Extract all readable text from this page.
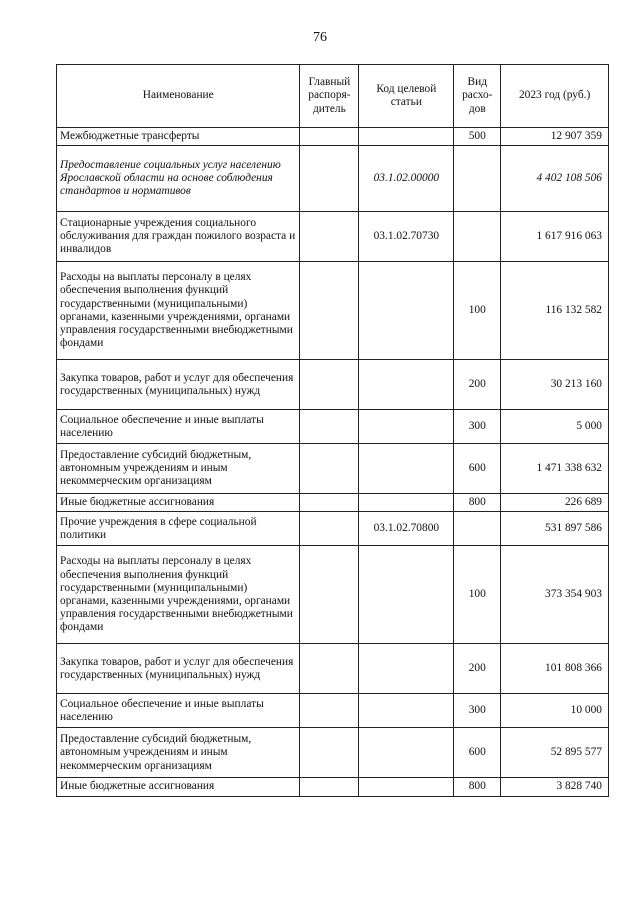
76
Наименование	Главный распоря-дитель	Код целевой статьи	Вид расхо-дов	2023 год (руб.)
Межбюджетные трансферты			500	12 907 359
Предоставление социальных услуг населению Ярославской области на основе соблюдения стандартов и нормативов		03.1.02.00000		4 402 108 506
Стационарные учреждения социального обслуживания для граждан пожилого возраста и инвалидов		03.1.02.70730		1 617 916 063
Расходы на выплаты персоналу в целях обеспечения выполнения функций государственными (муниципальными) органами, казенными учреждениями, органами управления государственными внебюджетными фондами			100	116 132 582
Закупка товаров, работ и услуг для обеспечения государственных (муниципальных) нужд			200	30 213 160
Социальное обеспечение и иные выплаты населению			300	5 000
Предоставление субсидий бюджетным, автономным учреждениям и иным некоммерческим организациям			600	1 471 338 632
Иные бюджетные ассигнования			800	226 689
Прочие учреждения в сфере социальной политики		03.1.02.70800		531 897 586
Расходы на выплаты персоналу в целях обеспечения выполнения функций государственными (муниципальными) органами, казенными учреждениями, органами управления государственными внебюджетными фондами			100	373 354 903
Закупка товаров, работ и услуг для обеспечения государственных (муниципальных) нужд			200	101 808 366
Социальное обеспечение и иные выплаты населению			300	10 000
Предоставление субсидий бюджетным, автономным учреждениям и иным некоммерческим организациям			600	52 895 577
Иные бюджетные ассигнования			800	3 828 740
